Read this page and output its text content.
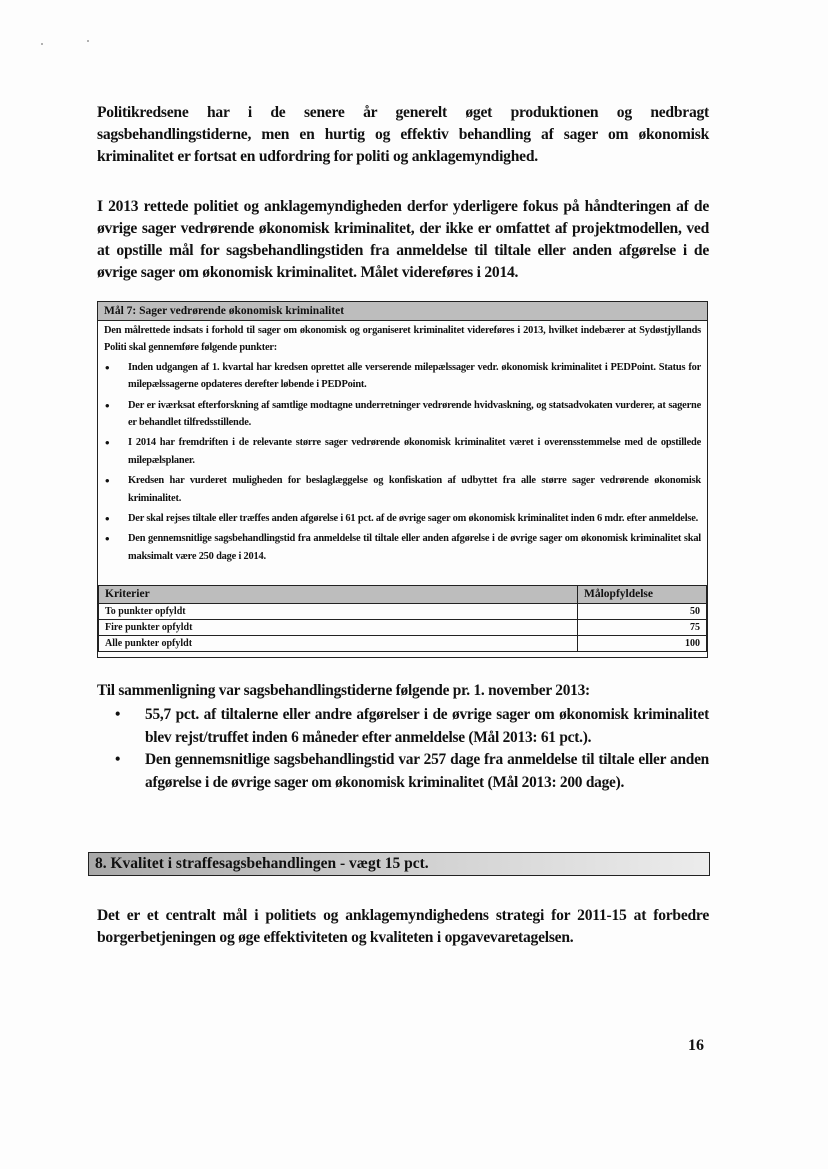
Politikredsene har i de senere år generelt øget produktionen og nedbragt sagsbehandlingstiderne, men en hurtig og effektiv behandling af sager om økonomisk kriminalitet er fortsat en udfordring for politi og anklagemyndighed.
I 2013 rettede politiet og anklagemyndigheden derfor yderligere fokus på håndteringen af de øvrige sager vedrørende økonomisk kriminalitet, der ikke er omfattet af projektmodellen, ved at opstille mål for sagsbehandlingstiden fra anmeldelse til tiltale eller anden afgørelse i de øvrige sager om økonomisk kriminalitet. Målet videreføres i 2014.
Mål 7: Sager vedrørende økonomisk kriminalitet
Den målrettede indsats i forhold til sager om økonomisk og organiseret kriminalitet videreføres i 2013, hvilket indebærer at Sydøstjyllands Politi skal gennemføre følgende punkter:
• Inden udgangen af 1. kvartal har kredsen oprettet alle verserende milepælssager vedr. økonomisk kriminalitet i PEDPoint. Status for milepælssagerne opdateres derefter løbende i PEDPoint.
• Der er iværksat efterforskning af samtlige modtagne underretninger vedrørende hvidvaskning, og statsadvokaten vurderer, at sagerne er behandlet tilfredsstillende.
• I 2014 har fremdriften i de relevante større sager vedrørende økonomisk kriminalitet været i overensstemmelse med de opstillede milepælsplaner.
• Kredsen har vurderet muligheden for beslaglæggelse og konfiskation af udbyttet fra alle større sager vedrørende økonomisk kriminalitet.
• Der skal rejses tiltale eller træffes anden afgørelse i 61 pct. af de øvrige sager om økonomisk kriminalitet inden 6 mdr. efter anmeldelse.
• Den gennemsnitlige sagsbehandlingstid fra anmeldelse til tiltale eller anden afgørelse i de øvrige sager om økonomisk kriminalitet skal maksimalt være 250 dage i 2014.
Kriterier	Målopfyldelse
To punkter opfyldt	50
Fire punkter opfyldt	75
Alle punkter opfyldt	100
Til sammenligning var sagsbehandlingstiderne følgende pr. 1. november 2013:
• 55,7 pct. af tiltalerne eller andre afgørelser i de øvrige sager om økonomisk kriminalitet blev rejst/truffet inden 6 måneder efter anmeldelse (Mål 2013: 61 pct.).
• Den gennemsnitlige sagsbehandlingstid var 257 dage fra anmeldelse til tiltale eller anden afgørelse i de øvrige sager om økonomisk kriminalitet (Mål 2013: 200 dage).
8. Kvalitet i straffesagsbehandlingen - vægt 15 pct.
Det er et centralt mål i politiets og anklagemyndighedens strategi for 2011-15 at forbedre borgerbetjeningen og øge effektiviteten og kvaliteten i opgavevaretagelsen.
16
